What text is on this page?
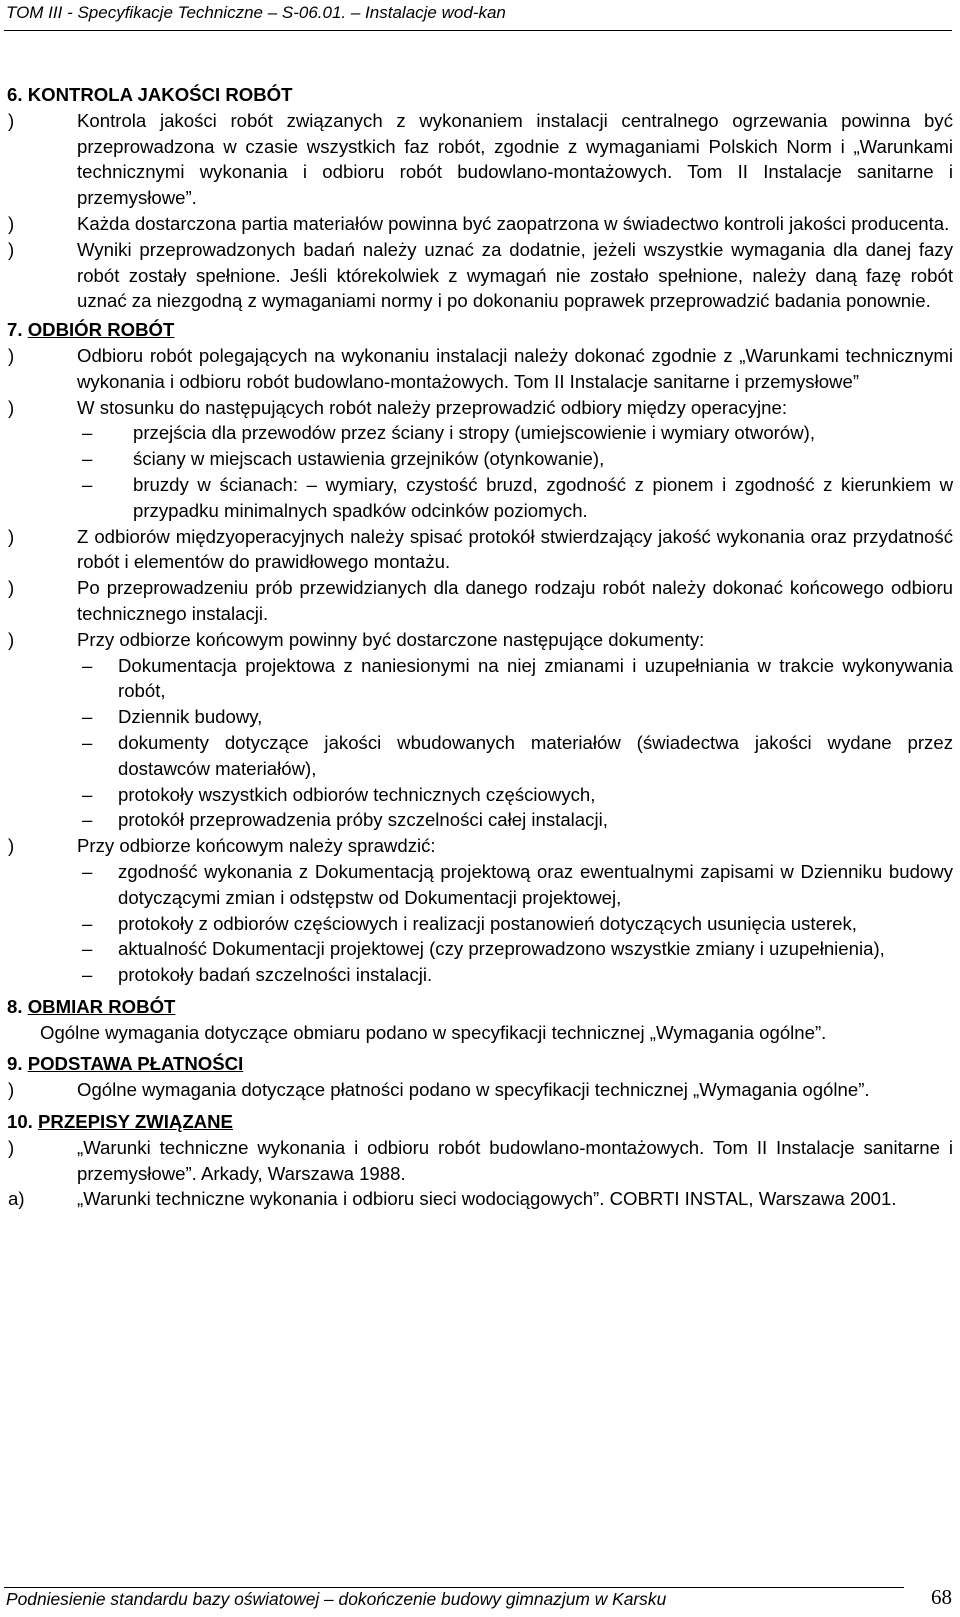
TOM III - Specyfikacje Techniczne – S-06.01. – Instalacje wod-kan
6. KONTROLA JAKOŚCI ROBÓT
)	Kontrola jakości robót związanych z wykonaniem instalacji centralnego ogrzewania powinna być przeprowadzona w czasie wszystkich faz robót, zgodnie z wymaganiami Polskich Norm i „Warunkami technicznymi wykonania i odbioru robót budowlano-montażowych. Tom II Instalacje sanitarne i przemysłowe”.
)	Każda dostarczona partia materiałów powinna być zaopatrzona w świadectwo kontroli jakości producenta.
)	Wyniki przeprowadzonych badań należy uznać za dodatnie, jeżeli wszystkie wymagania dla danej fazy robót zostały spełnione. Jeśli którekolwiek z wymagań nie zostało spełnione, należy daną fazę robót uznać za niezgodną z wymaganiami normy i po dokonaniu poprawek przeprowadzić badania ponownie.
7. ODBIÓR ROBÓT
)	Odbioru robót polegających na wykonaniu instalacji należy dokonać zgodnie z „Warunkami technicznymi wykonania i odbioru robót budowlano-montażowych. Tom II Instalacje sanitarne i przemysłowe”
)	W stosunku do następujących robót należy przeprowadzić odbiory między operacyjne:
– przejścia dla przewodów przez ściany i stropy (umiejscowienie i wymiary otworów),
– ściany w miejscach ustawienia grzejników (otynkowanie),
– bruzdy w ścianach: – wymiary, czystość bruzd, zgodność z pionem i zgodność z kierunkiem w przypadku minimalnych spadków odcinków poziomych.
)	Z odbiorów międzyoperacyjnych należy spisać protokół stwierdzający jakość wykonania oraz przydatność robót i elementów do prawidłowego montażu.
)	Po przeprowadzeniu prób przewidzianych dla danego rodzaju robót należy dokonać końcowego odbioru technicznego instalacji.
)	Przy odbiorze końcowym powinny być dostarczone następujące dokumenty:
– Dokumentacja projektowa z naniesionymi na niej zmianami i uzupełniania w trakcie wykonywania robót,
– Dziennik budowy,
– dokumenty dotyczące jakości wbudowanych materiałów (świadectwa jakości wydane przez dostawców materiałów),
– protokoły wszystkich odbiorów technicznych częściowych,
– protokół przeprowadzenia próby szczelności całej instalacji,
)	Przy odbiorze końcowym należy sprawdzić:
– zgodność wykonania z Dokumentacją projektową oraz ewentualnymi zapisami w Dzienniku budowy dotyczącymi zmian i odstępstw od Dokumentacji projektowej,
– protokoły z odbiorów częściowych i realizacji postanowień dotyczących usunięcia usterek,
– aktualność Dokumentacji projektowej (czy przeprowadzono wszystkie zmiany i uzupełnienia),
– protokoły badań szczelności instalacji.
8. OBMIAR ROBÓT
Ogólne wymagania dotyczące obmiaru podano w specyfikacji technicznej „Wymagania ogólne”.
9. PODSTAWA PŁATNOŚCI
)	Ogólne wymagania dotyczące płatności podano w specyfikacji technicznej „Wymagania ogólne”.
10. PRZEPISY ZWIĄZANE
)	„Warunki techniczne wykonania i odbioru robót budowlano-montażowych. Tom II Instalacje sanitarne i przemysłowe”. Arkady, Warszawa 1988.
a)	„Warunki techniczne wykonania i odbioru sieci wodociągowych”. COBRTI INSTAL, Warszawa 2001.
Podniesienie standardu bazy oświatowej – dokończenie budowy gimnazjum w Karsku	68
